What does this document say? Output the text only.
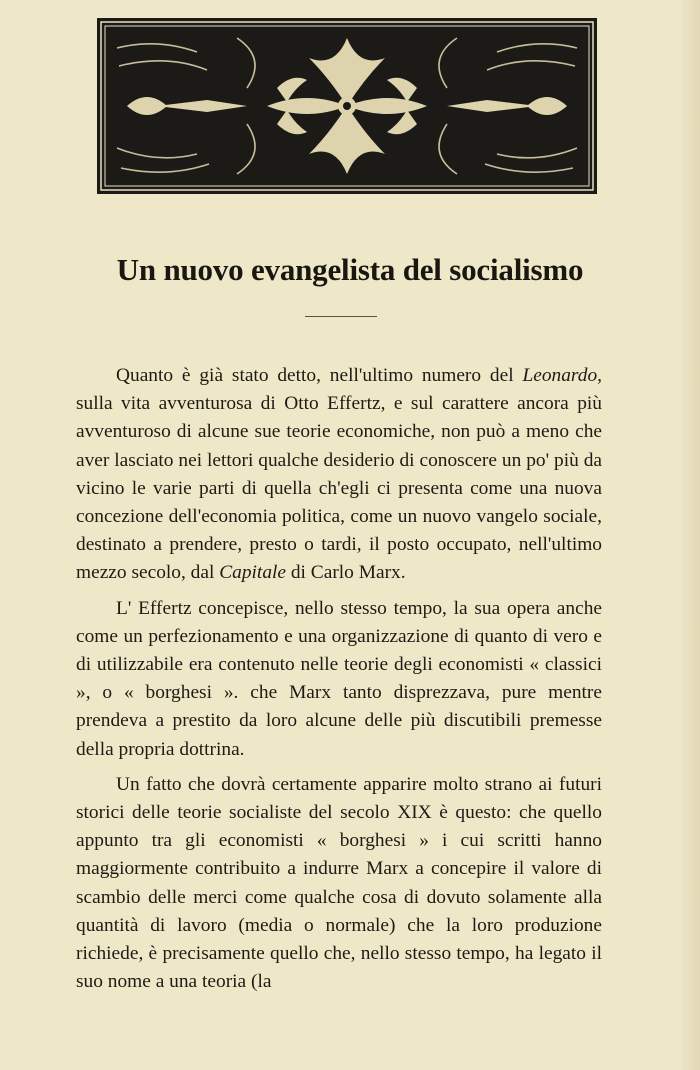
Un nuovo evangelista del socialismo

Quanto è già stato detto, nell'ultimo numero del Leonardo, sulla vita avventurosa di Otto Effertz, e sul carattere ancora più avventuroso di alcune sue teorie economiche, non può a meno che aver lasciato nei lettori qualche desiderio di conoscere un po' più da vicino le varie parti di quella ch'egli ci presenta come una nuova concezione dell'economia politica, come un nuovo vangelo sociale, destinato a prendere, presto o tardi, il posto occupato, nell'ultimo mezzo secolo, dal Capitale di Carlo Marx.

L' Effertz concepisce, nello stesso tempo, la sua opera anche come un perfezionamento e una organizzazione di quanto di vero e di utilizzabile era contenuto nelle teorie degli economisti « classici », o « borghesi ». che Marx tanto disprezzava, pure mentre prendeva a prestito da loro alcune delle più discutibili premesse della propria dottrina.

Un fatto che dovrà certamente apparire molto strano ai futuri storici delle teorie socialiste del secolo XIX è questo: che quello appunto tra gli economisti « borghesi » i cui scritti hanno maggiormente contribuito a indurre Marx a concepire il valore di scambio delle merci come qualche cosa di dovuto solamente alla quantità di lavoro (media o normale) che la loro produzione richiede, è precisamente quello che, nello stesso tempo, ha legato il suo nome a una teoria (la
